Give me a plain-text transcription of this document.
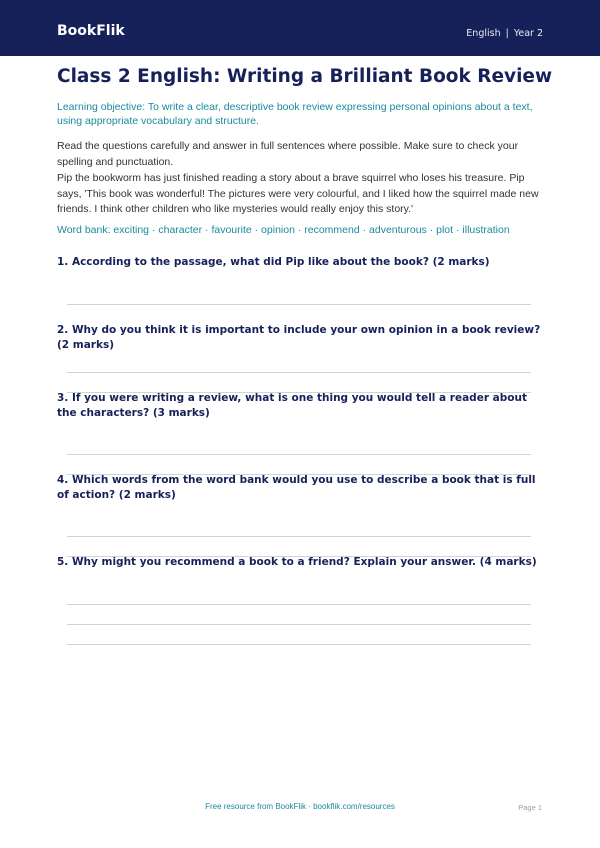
BookFlik	English | Year 2
Class 2 English: Writing a Brilliant Book Review

Learning objective: To write a clear, descriptive book review expressing personal opinions about a text, using appropriate vocabulary and structure.

Read the questions carefully and answer in full sentences where possible. Make sure to check your spelling and punctuation.

Pip the bookworm has just finished reading a story about a brave squirrel who loses his treasure. Pip says, 'This book was wonderful! The pictures were very colourful, and I liked how the squirrel made new friends. I think other children who like mysteries would really enjoy this story.'

Word bank: exciting · character · favourite · opinion · recommend · adventurous · plot · illustration

1. According to the passage, what did Pip like about the book? (2 marks)

2. Why do you think it is important to include your own opinion in a book review? (2 marks)

3. If you were writing a review, what is one thing you would tell a reader about the characters? (3 marks)

4. Which words from the word bank would you use to describe a book that is full of action? (2 marks)

5. Why might you recommend a book to a friend? Explain your answer. (4 marks)

Free resource from BookFlik · bookflik.com/resources	Page 1
